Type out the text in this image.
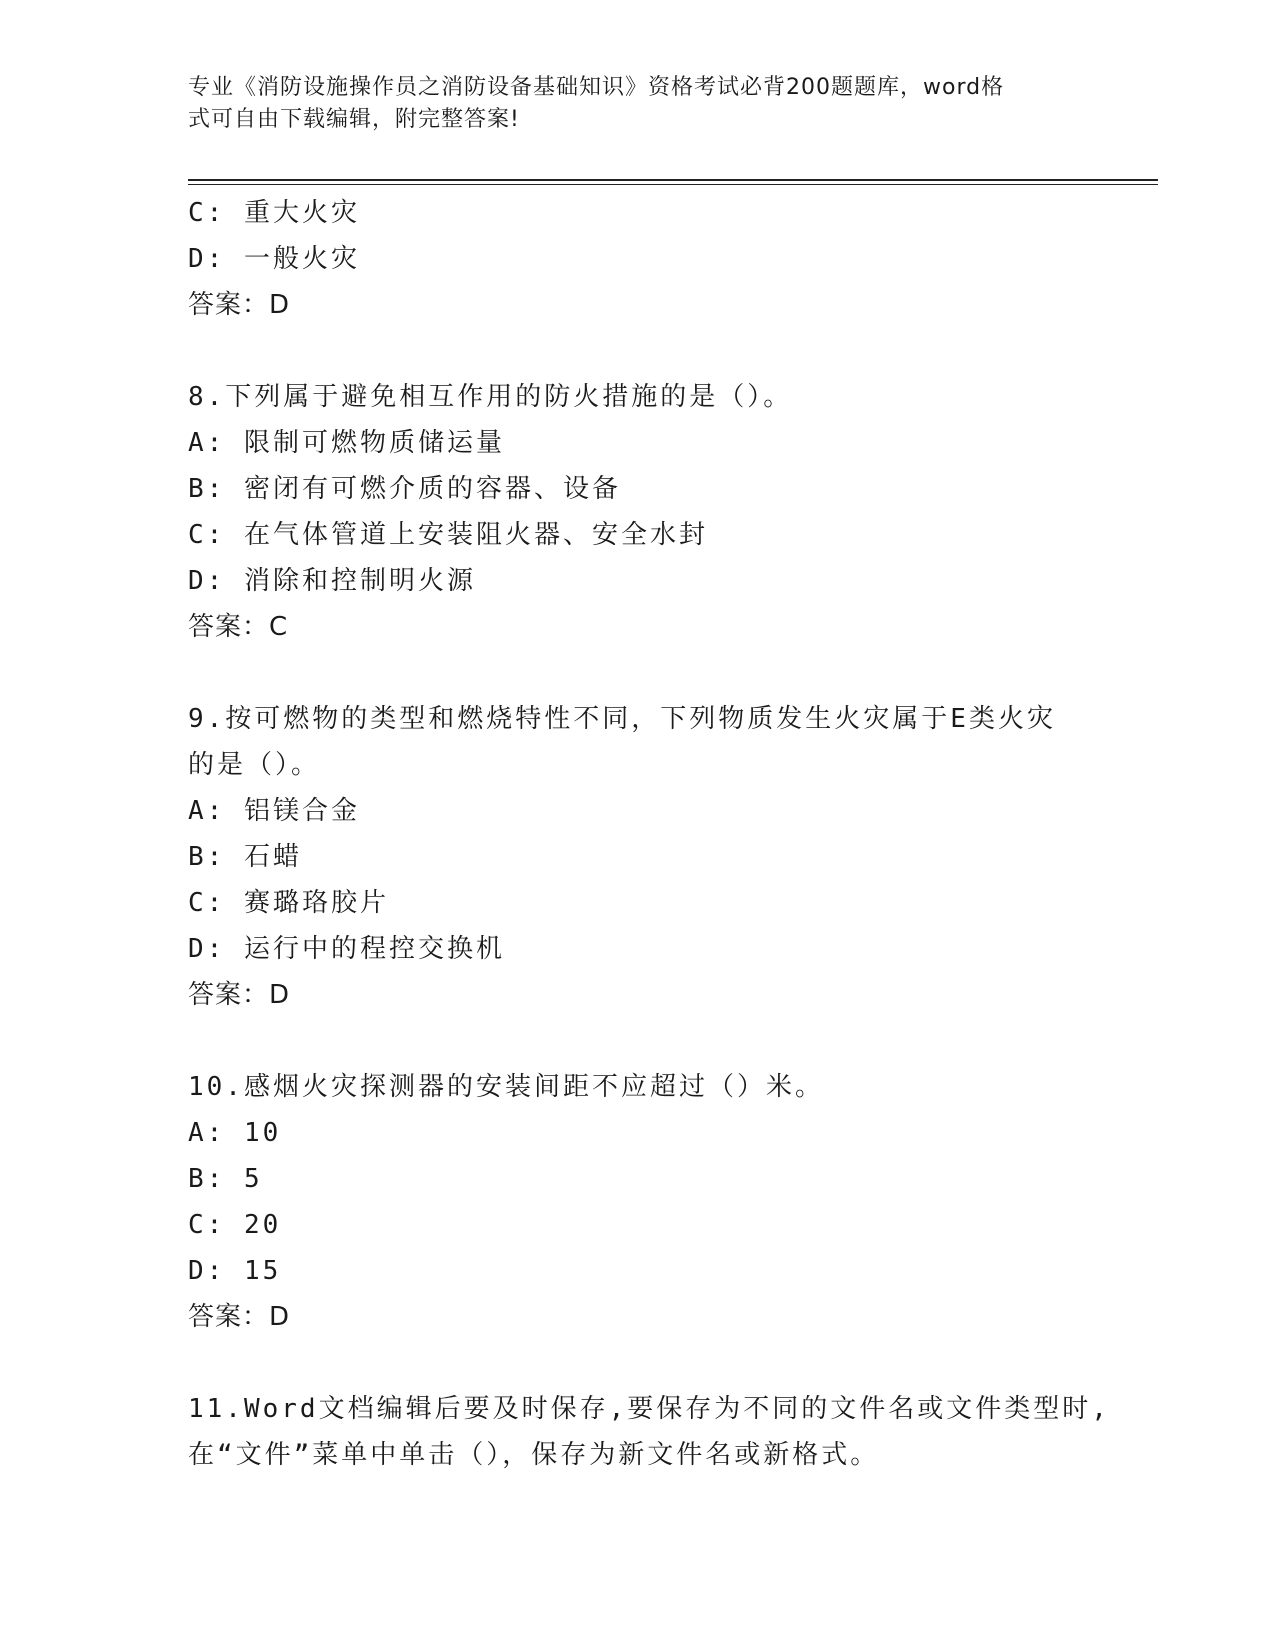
专业《消防设施操作员之消防设备基础知识》资格考试必背200题题库，word格
式可自由下载编辑，附完整答案!
C: 重大火灾
D: 一般火灾
答案：D
8.下列属于避免相互作用的防火措施的是（）。
A: 限制可燃物质储运量
B: 密闭有可燃介质的容器、设备
C: 在气体管道上安装阻火器、安全水封
D: 消除和控制明火源
答案：C
9.按可燃物的类型和燃烧特性不同，下列物质发生火灾属于E类火灾
的是（）。
A: 铝镁合金
B: 石蜡
C: 赛璐珞胶片
D: 运行中的程控交换机
答案：D
10.感烟火灾探测器的安装间距不应超过（）米。
A: 10
B: 5
C: 20
D: 15
答案：D
11.Word文档编辑后要及时保存,要保存为不同的文件名或文件类型时,
在“文件”菜单中单击（），保存为新文件名或新格式。
